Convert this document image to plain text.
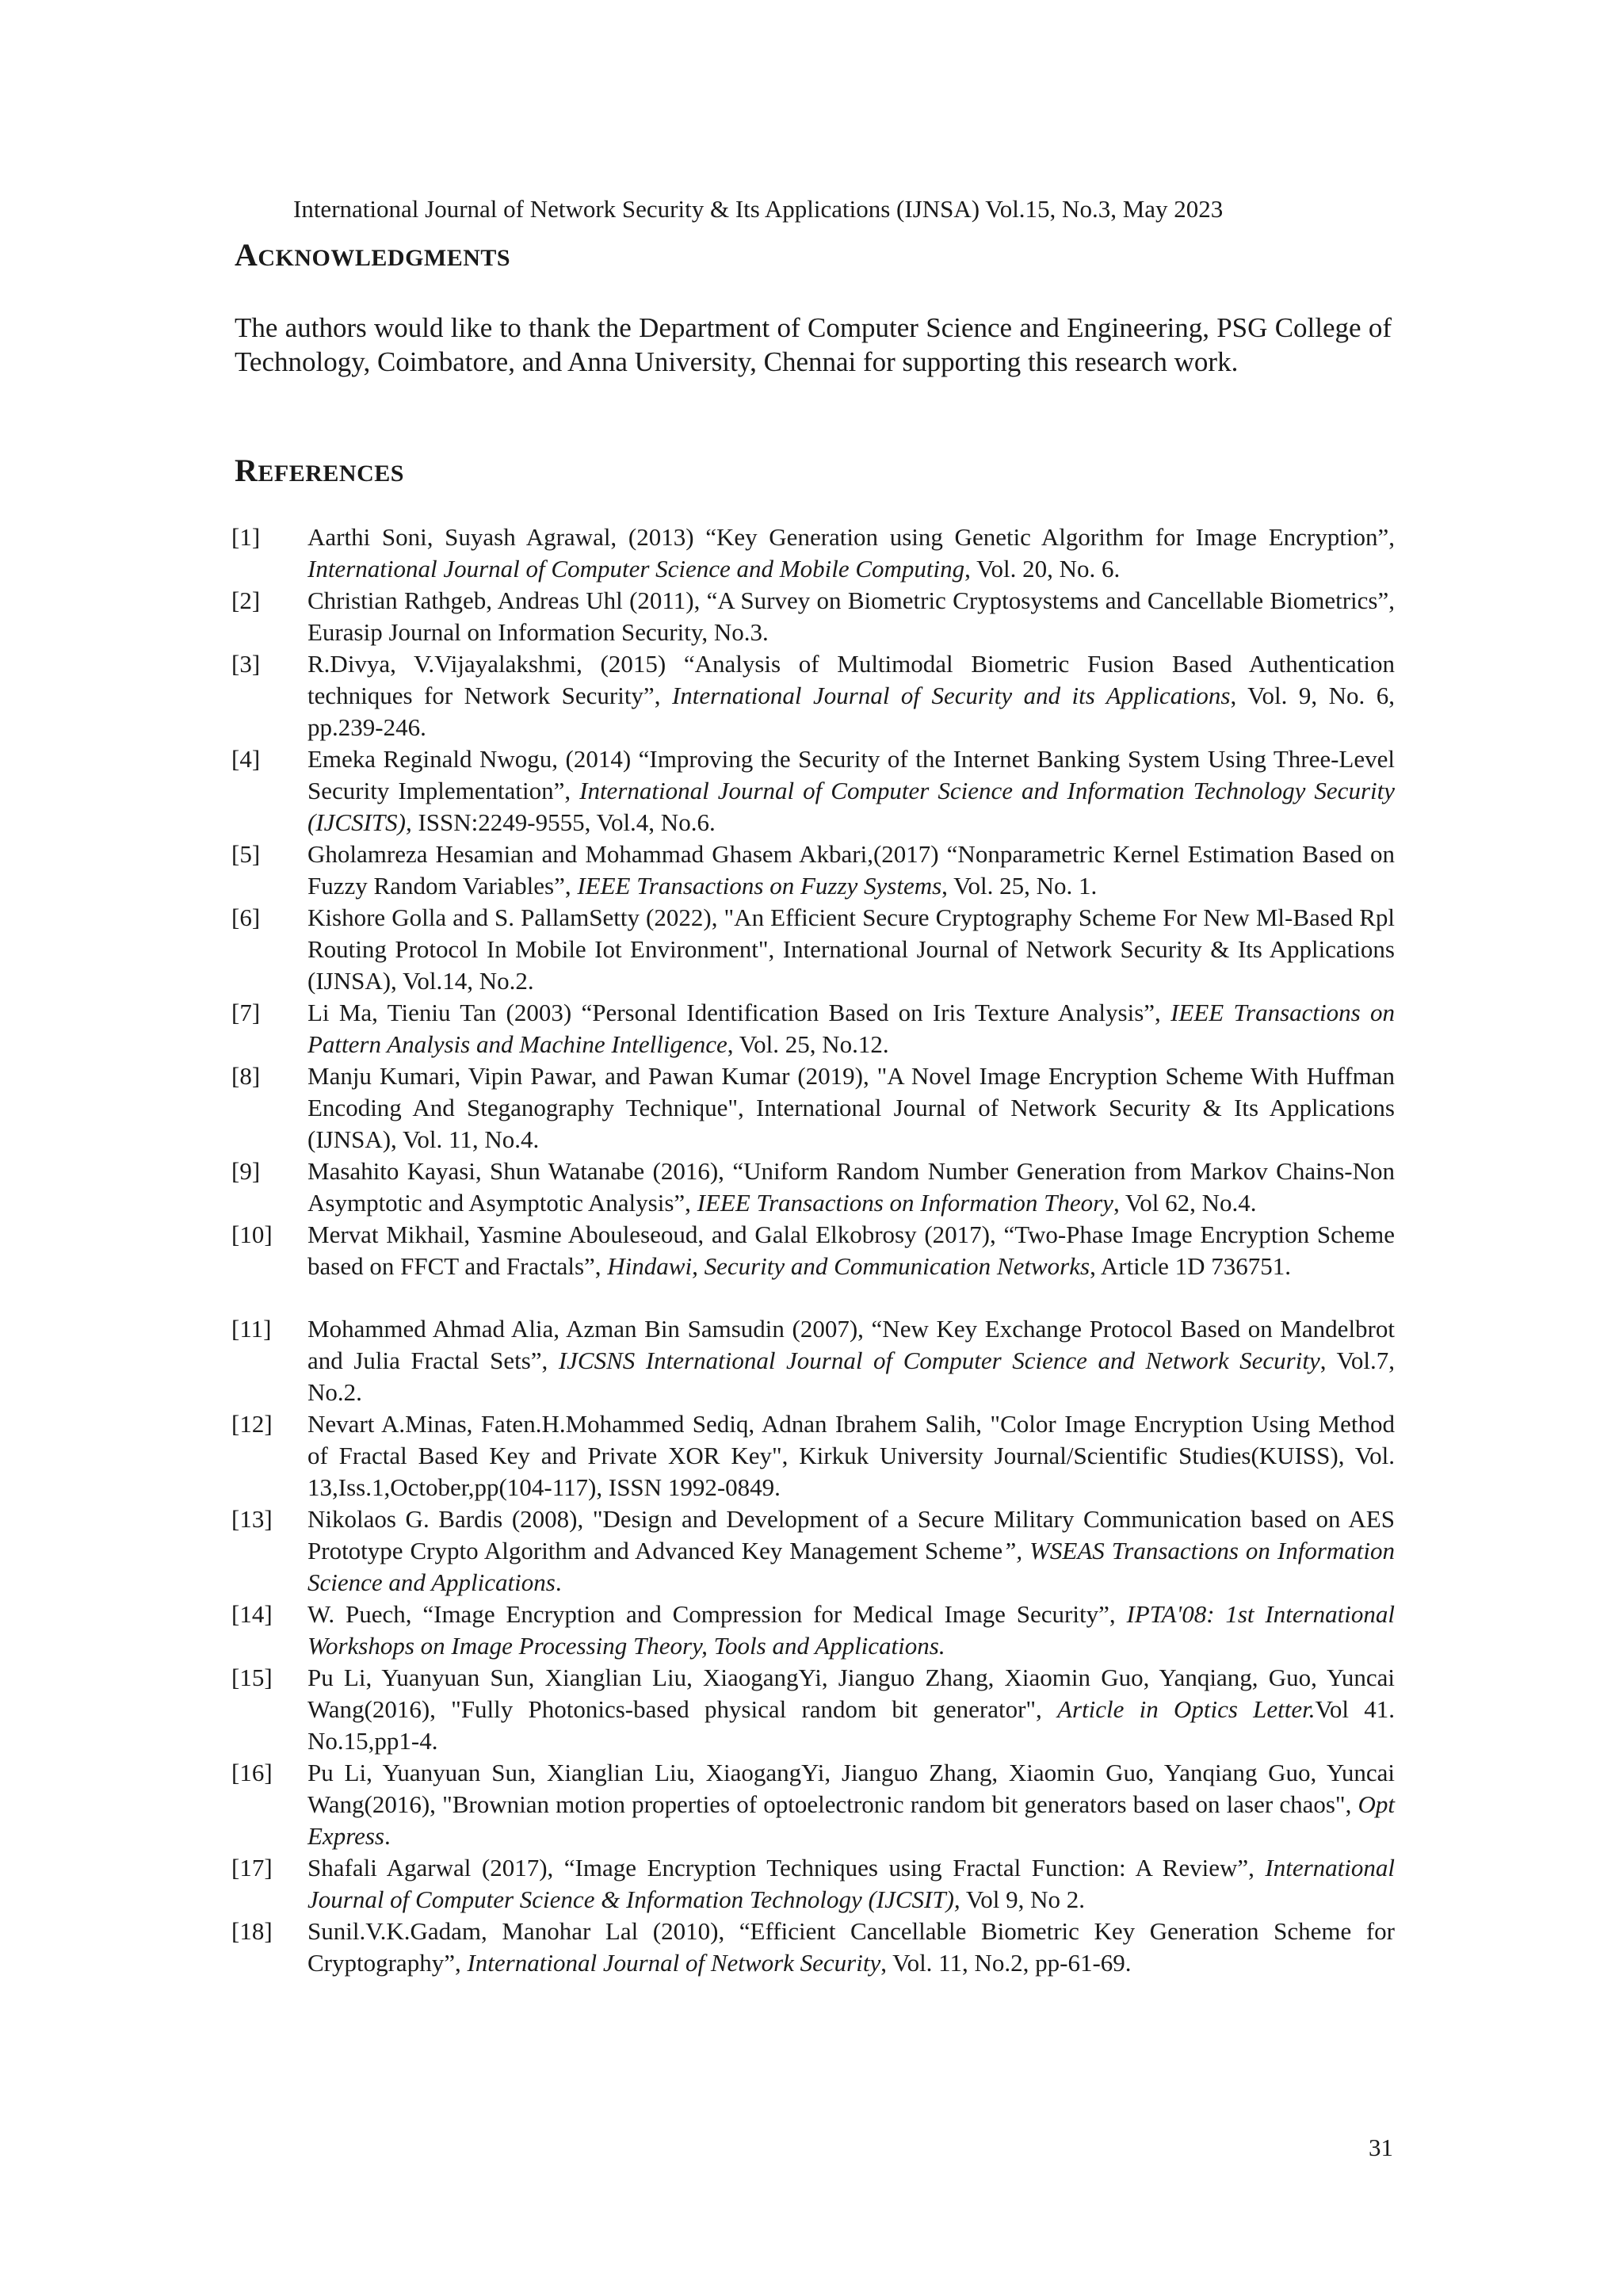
International Journal of Network Security & Its Applications (IJNSA) Vol.15, No.3, May 2023
ACKNOWLEDGMENTS
The authors would like to thank the Department of Computer Science and Engineering, PSG College of Technology, Coimbatore, and Anna University, Chennai for supporting this research work.
REFERENCES
[1] Aarthi Soni, Suyash Agrawal, (2013) “Key Generation using Genetic Algorithm for Image Encryption”, International Journal of Computer Science and Mobile Computing, Vol. 20, No. 6.
[2] Christian Rathgeb, Andreas Uhl (2011), “A Survey on Biometric Cryptosystems and Cancellable Biometrics”, Eurasip Journal on Information Security, No.3.
[3] R.Divya, V.Vijayalakshmi, (2015) “Analysis of Multimodal Biometric Fusion Based Authentication techniques for Network Security”, International Journal of Security and its Applications, Vol. 9, No. 6, pp.239-246.
[4] Emeka Reginald Nwogu, (2014) “Improving the Security of the Internet Banking System Using Three-Level Security Implementation”, International Journal of Computer Science and Information Technology Security (IJCSITS), ISSN:2249-9555, Vol.4, No.6.
[5] Gholamreza Hesamian and Mohammad Ghasem Akbari,(2017) “Nonparametric Kernel Estimation Based on Fuzzy Random Variables”, IEEE Transactions on Fuzzy Systems, Vol. 25, No. 1.
[6] Kishore Golla and S. PallamSetty (2022), "An Efficient Secure Cryptography Scheme For New Ml-Based Rpl Routing Protocol In Mobile Iot Environment", International Journal of Network Security & Its Applications (IJNSA), Vol.14, No.2.
[7] Li Ma, Tieniu Tan (2003) “Personal Identification Based on Iris Texture Analysis”, IEEE Transactions on Pattern Analysis and Machine Intelligence, Vol. 25, No.12.
[8] Manju Kumari, Vipin Pawar, and Pawan Kumar (2019), "A Novel Image Encryption Scheme With Huffman Encoding And Steganography Technique", International Journal of Network Security & Its Applications (IJNSA), Vol. 11, No.4.
[9] Masahito Kayasi, Shun Watanabe (2016), “Uniform Random Number Generation from Markov Chains-Non Asymptotic and Asymptotic Analysis”, IEEE Transactions on Information Theory, Vol 62, No.4.
[10] Mervat Mikhail, Yasmine Abouleseoud, and Galal Elkobrosy (2017), “Two-Phase Image Encryption Scheme based on FFCT and Fractals”, Hindawi, Security and Communication Networks, Article 1D 736751.
[11] Mohammed Ahmad Alia, Azman Bin Samsudin (2007), “New Key Exchange Protocol Based on Mandelbrot and Julia Fractal Sets”, IJCSNS International Journal of Computer Science and Network Security, Vol.7, No.2.
[12] Nevart A.Minas, Faten.H.Mohammed Sediq, Adnan Ibrahem Salih, "Color Image Encryption Using Method of Fractal Based Key and Private XOR Key", Kirkuk University Journal/Scientific Studies(KUISS), Vol. 13,Iss.1,October,pp(104-117), ISSN 1992-0849.
[13] Nikolaos G. Bardis (2008), "Design and Development of a Secure Military Communication based on AES Prototype Crypto Algorithm and Advanced Key Management Scheme”, WSEAS Transactions on Information Science and Applications.
[14] W. Puech, “Image Encryption and Compression for Medical Image Security”, IPTA'08: 1st International Workshops on Image Processing Theory, Tools and Applications.
[15] Pu Li, Yuanyuan Sun, Xianglian Liu, XiaogangYi, Jianguo Zhang, Xiaomin Guo, Yanqiang, Guo, Yuncai Wang(2016), "Fully Photonics-based physical random bit generator", Article in Optics Letter.Vol 41. No.15,pp1-4.
[16] Pu Li, Yuanyuan Sun, Xianglian Liu, XiaogangYi, Jianguo Zhang, Xiaomin Guo, Yanqiang Guo, Yuncai Wang(2016), "Brownian motion properties of optoelectronic random bit generators based on laser chaos", Opt Express.
[17] Shafali Agarwal (2017), “Image Encryption Techniques using Fractal Function: A Review”, International Journal of Computer Science & Information Technology (IJCSIT), Vol 9, No 2.
[18] Sunil.V.K.Gadam, Manohar Lal (2010), “Efficient Cancellable Biometric Key Generation Scheme for Cryptography”, International Journal of Network Security, Vol. 11, No.2, pp-61-69.
31
